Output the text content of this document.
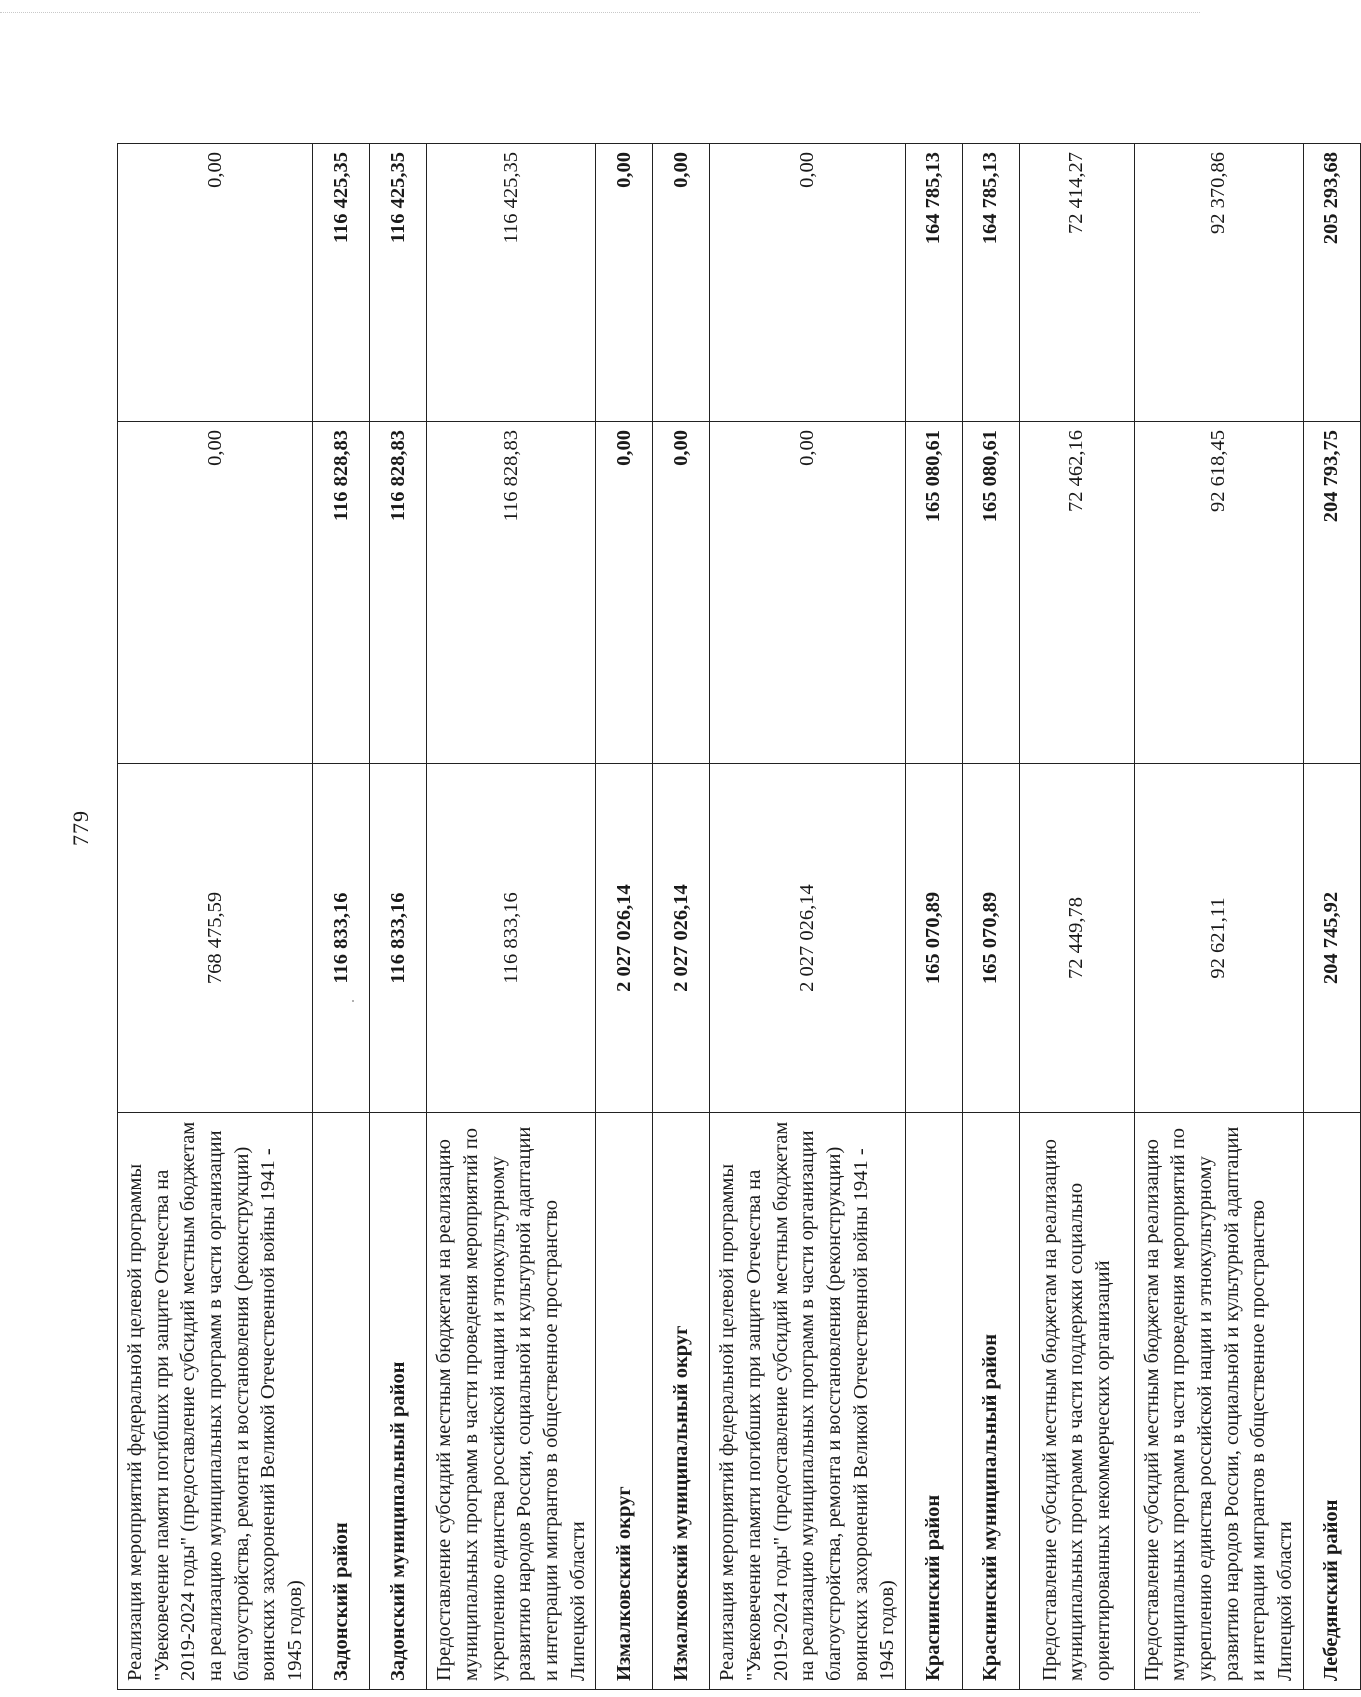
779
Реализация мероприятий федеральной целевой программы "Увековечение памяти погибших при защите Отечества на 2019-2024 годы" (предоставление субсидий местным бюджетам на реализацию муниципальных программ в части организации благоустройства, ремонта и восстановления (реконструкции) воинских захоронений Великой Отечественной войны 1941 - 1945 годов)	768 475,59	0,00	0,00
Задонский район	116 833,16	116 828,83	116 425,35
Задонский муниципальный район	116 833,16	116 828,83	116 425,35
Предоставление субсидий местным бюджетам на реализацию муниципальных программ в части проведения мероприятий по укреплению единства российской нации и этнокультурному развитию народов России, социальной и культурной адаптации и интеграции мигрантов в общественное пространство Липецкой области	116 833,16	116 828,83	116 425,35
Измалковский округ	2 027 026,14	0,00	0,00
Измалковский муниципальный округ	2 027 026,14	0,00	0,00
Реализация мероприятий федеральной целевой программы "Увековечение памяти погибших при защите Отечества на 2019-2024 годы" (предоставление субсидий местным бюджетам на реализацию муниципальных программ в части организации благоустройства, ремонта и восстановления (реконструкции) воинских захоронений Великой Отечественной войны 1941 - 1945 годов)	2 027 026,14	0,00	0,00
Краснинский район	165 070,89	165 080,61	164 785,13
Краснинский муниципальный район	165 070,89	165 080,61	164 785,13
Предоставление субсидий местным бюджетам на реализацию муниципальных программ в части поддержки социально ориентированных некоммерческих организаций	72 449,78	72 462,16	72 414,27
Предоставление субсидий местным бюджетам на реализацию муниципальных программ в части проведения мероприятий по укреплению единства российской нации и этнокультурному развитию народов России, социальной и культурной адаптации и интеграции мигрантов в общественное пространство Липецкой области	92 621,11	92 618,45	92 370,86
Лебедянский район	204 745,92	204 793,75	205 293,68
